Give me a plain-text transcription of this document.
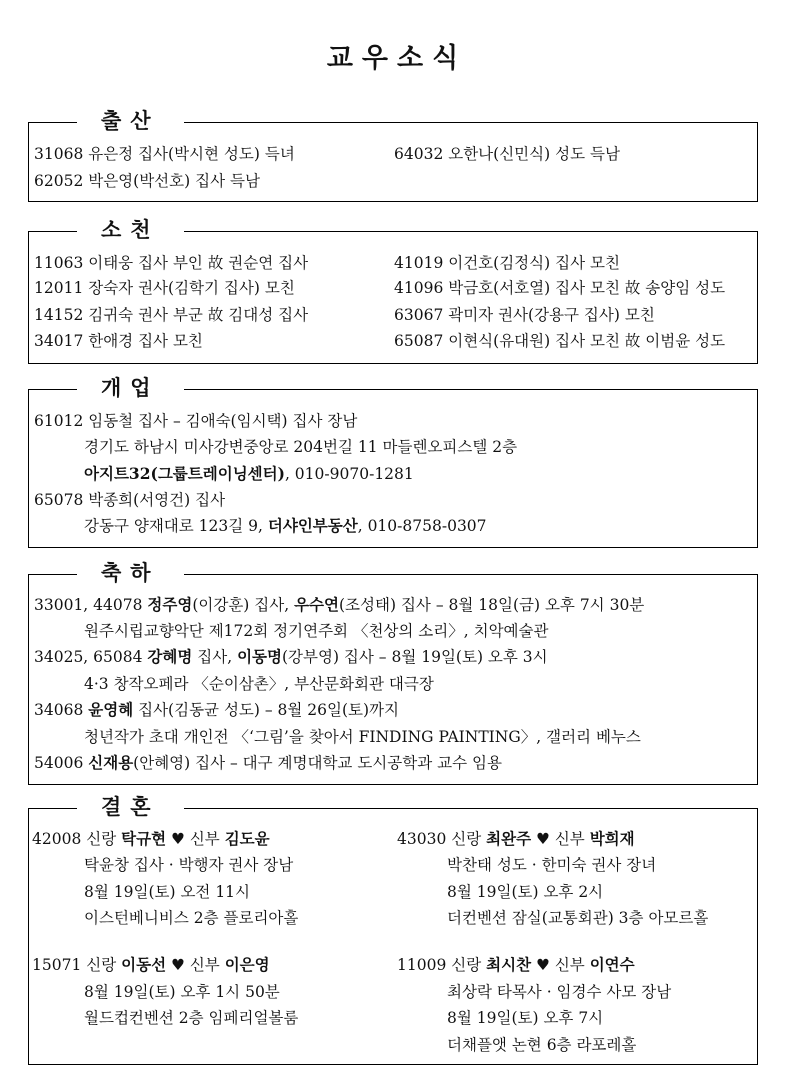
교우소식
출산
31068 유은정 집사(박시현 성도) 득녀	64032 오한나(신민식) 성도 득남
62052 박은영(박선호) 집사 득남
소천
11063 이태웅 집사 부인 故 권순연 집사	41019 이건호(김정식) 집사 모친
12011 장숙자 권사(김학기 집사) 모친	41096 박금호(서호열) 집사 모친 故 송양임 성도
14152 김귀숙 권사 부군 故 김대성 집사	63067 곽미자 권사(강용구 집사) 모친
34017 한애경 집사 모친	65087 이현식(유대원) 집사 모친 故 이범윤 성도
개업
61012 임동철 집사 – 김애숙(임시택) 집사 장남
경기도 하남시 미사강변중앙로 204번길 11 마들렌오피스텔 2층
아지트32(그룹트레이닝센터), 010-9070-1281
65078 박종희(서영건) 집사
강동구 양재대로 123길 9, 더샤인부동산, 010-8758-0307
축하
33001, 44078 정주영(이강훈) 집사, 우수연(조성태) 집사 – 8월 18일(금) 오후 7시 30분
원주시립교향악단 제172회 정기연주회 〈천상의 소리〉, 치악예술관
34025, 65084 강혜명 집사, 이동명(강부영) 집사 – 8월 19일(토) 오후 3시
4·3 창작오페라 〈순이삼촌〉, 부산문화회관 대극장
34068 윤영혜 집사(김동균 성도) – 8월 26일(토)까지
청년작가 초대 개인전 〈‘그림’을 찾아서 FINDING PAINTING〉, 갤러리 베누스
54006 신재용(안혜영) 집사 – 대구 계명대학교 도시공학과 교수 임용
결혼
42008 신랑 탁규현 ♥ 신부 김도윤
탁윤창 집사 · 박행자 권사 장남
8월 19일(토) 오전 11시
이스턴베니비스 2층 플로리아홀
43030 신랑 최완주 ♥ 신부 박희재
박찬태 성도 · 한미숙 권사 장녀
8월 19일(토) 오후 2시
더컨벤션 잠실(교통회관) 3층 아모르홀
15071 신랑 이동선 ♥ 신부 이은영
8월 19일(토) 오후 1시 50분
월드컵컨벤션 2층 임페리얼볼룸
11009 신랑 최시찬 ♥ 신부 이연수
최상락 타목사 · 임경수 사모 장남
8월 19일(토) 오후 7시
더채플앳 논현 6층 라포레홀
